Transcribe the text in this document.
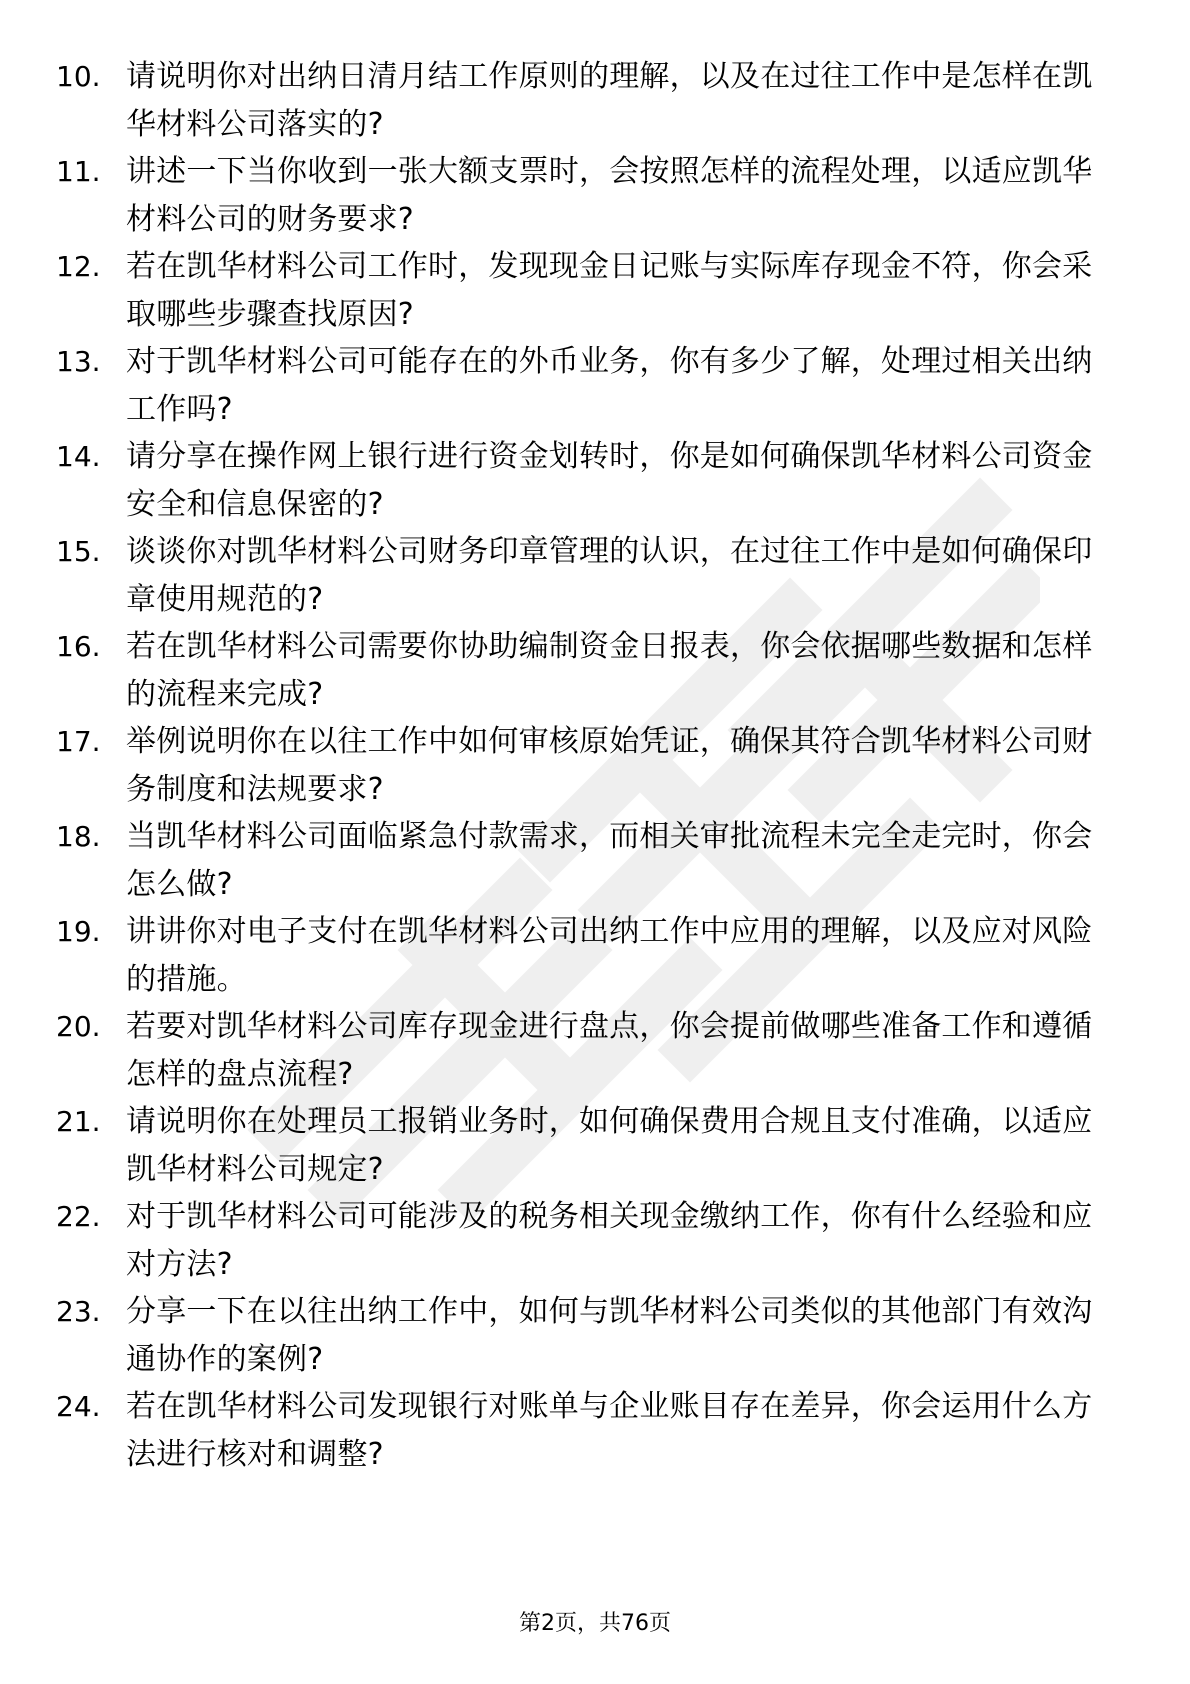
10. 请说明你对出纳日清月结工作原则的理解，以及在过往工作中是怎样在凯华材料公司落实的?
11. 讲述一下当你收到一张大额支票时，会按照怎样的流程处理，以适应凯华材料公司的财务要求?
12. 若在凯华材料公司工作时，发现现金日记账与实际库存现金不符，你会采取哪些步骤查找原因?
13. 对于凯华材料公司可能存在的外币业务，你有多少了解，处理过相关出纳工作吗?
14. 请分享在操作网上银行进行资金划转时，你是如何确保凯华材料公司资金安全和信息保密的?
15. 谈谈你对凯华材料公司财务印章管理的认识，在过往工作中是如何确保印章使用规范的?
16. 若在凯华材料公司需要你协助编制资金日报表，你会依据哪些数据和怎样的流程来完成?
17. 举例说明你在以往工作中如何审核原始凭证，确保其符合凯华材料公司财务制度和法规要求?
18. 当凯华材料公司面临紧急付款需求，而相关审批流程未完全走完时，你会怎么做?
19. 讲讲你对电子支付在凯华材料公司出纳工作中应用的理解，以及应对风险的措施。
20. 若要对凯华材料公司库存现金进行盘点，你会提前做哪些准备工作和遵循怎样的盘点流程?
21. 请说明你在处理员工报销业务时，如何确保费用合规且支付准确，以适应凯华材料公司规定?
22. 对于凯华材料公司可能涉及的税务相关现金缴纳工作，你有什么经验和应对方法?
23. 分享一下在以往出纳工作中，如何与凯华材料公司类似的其他部门有效沟通协作的案例?
24. 若在凯华材料公司发现银行对账单与企业账目存在差异，你会运用什么方法进行核对和调整?
第2页，共76页
